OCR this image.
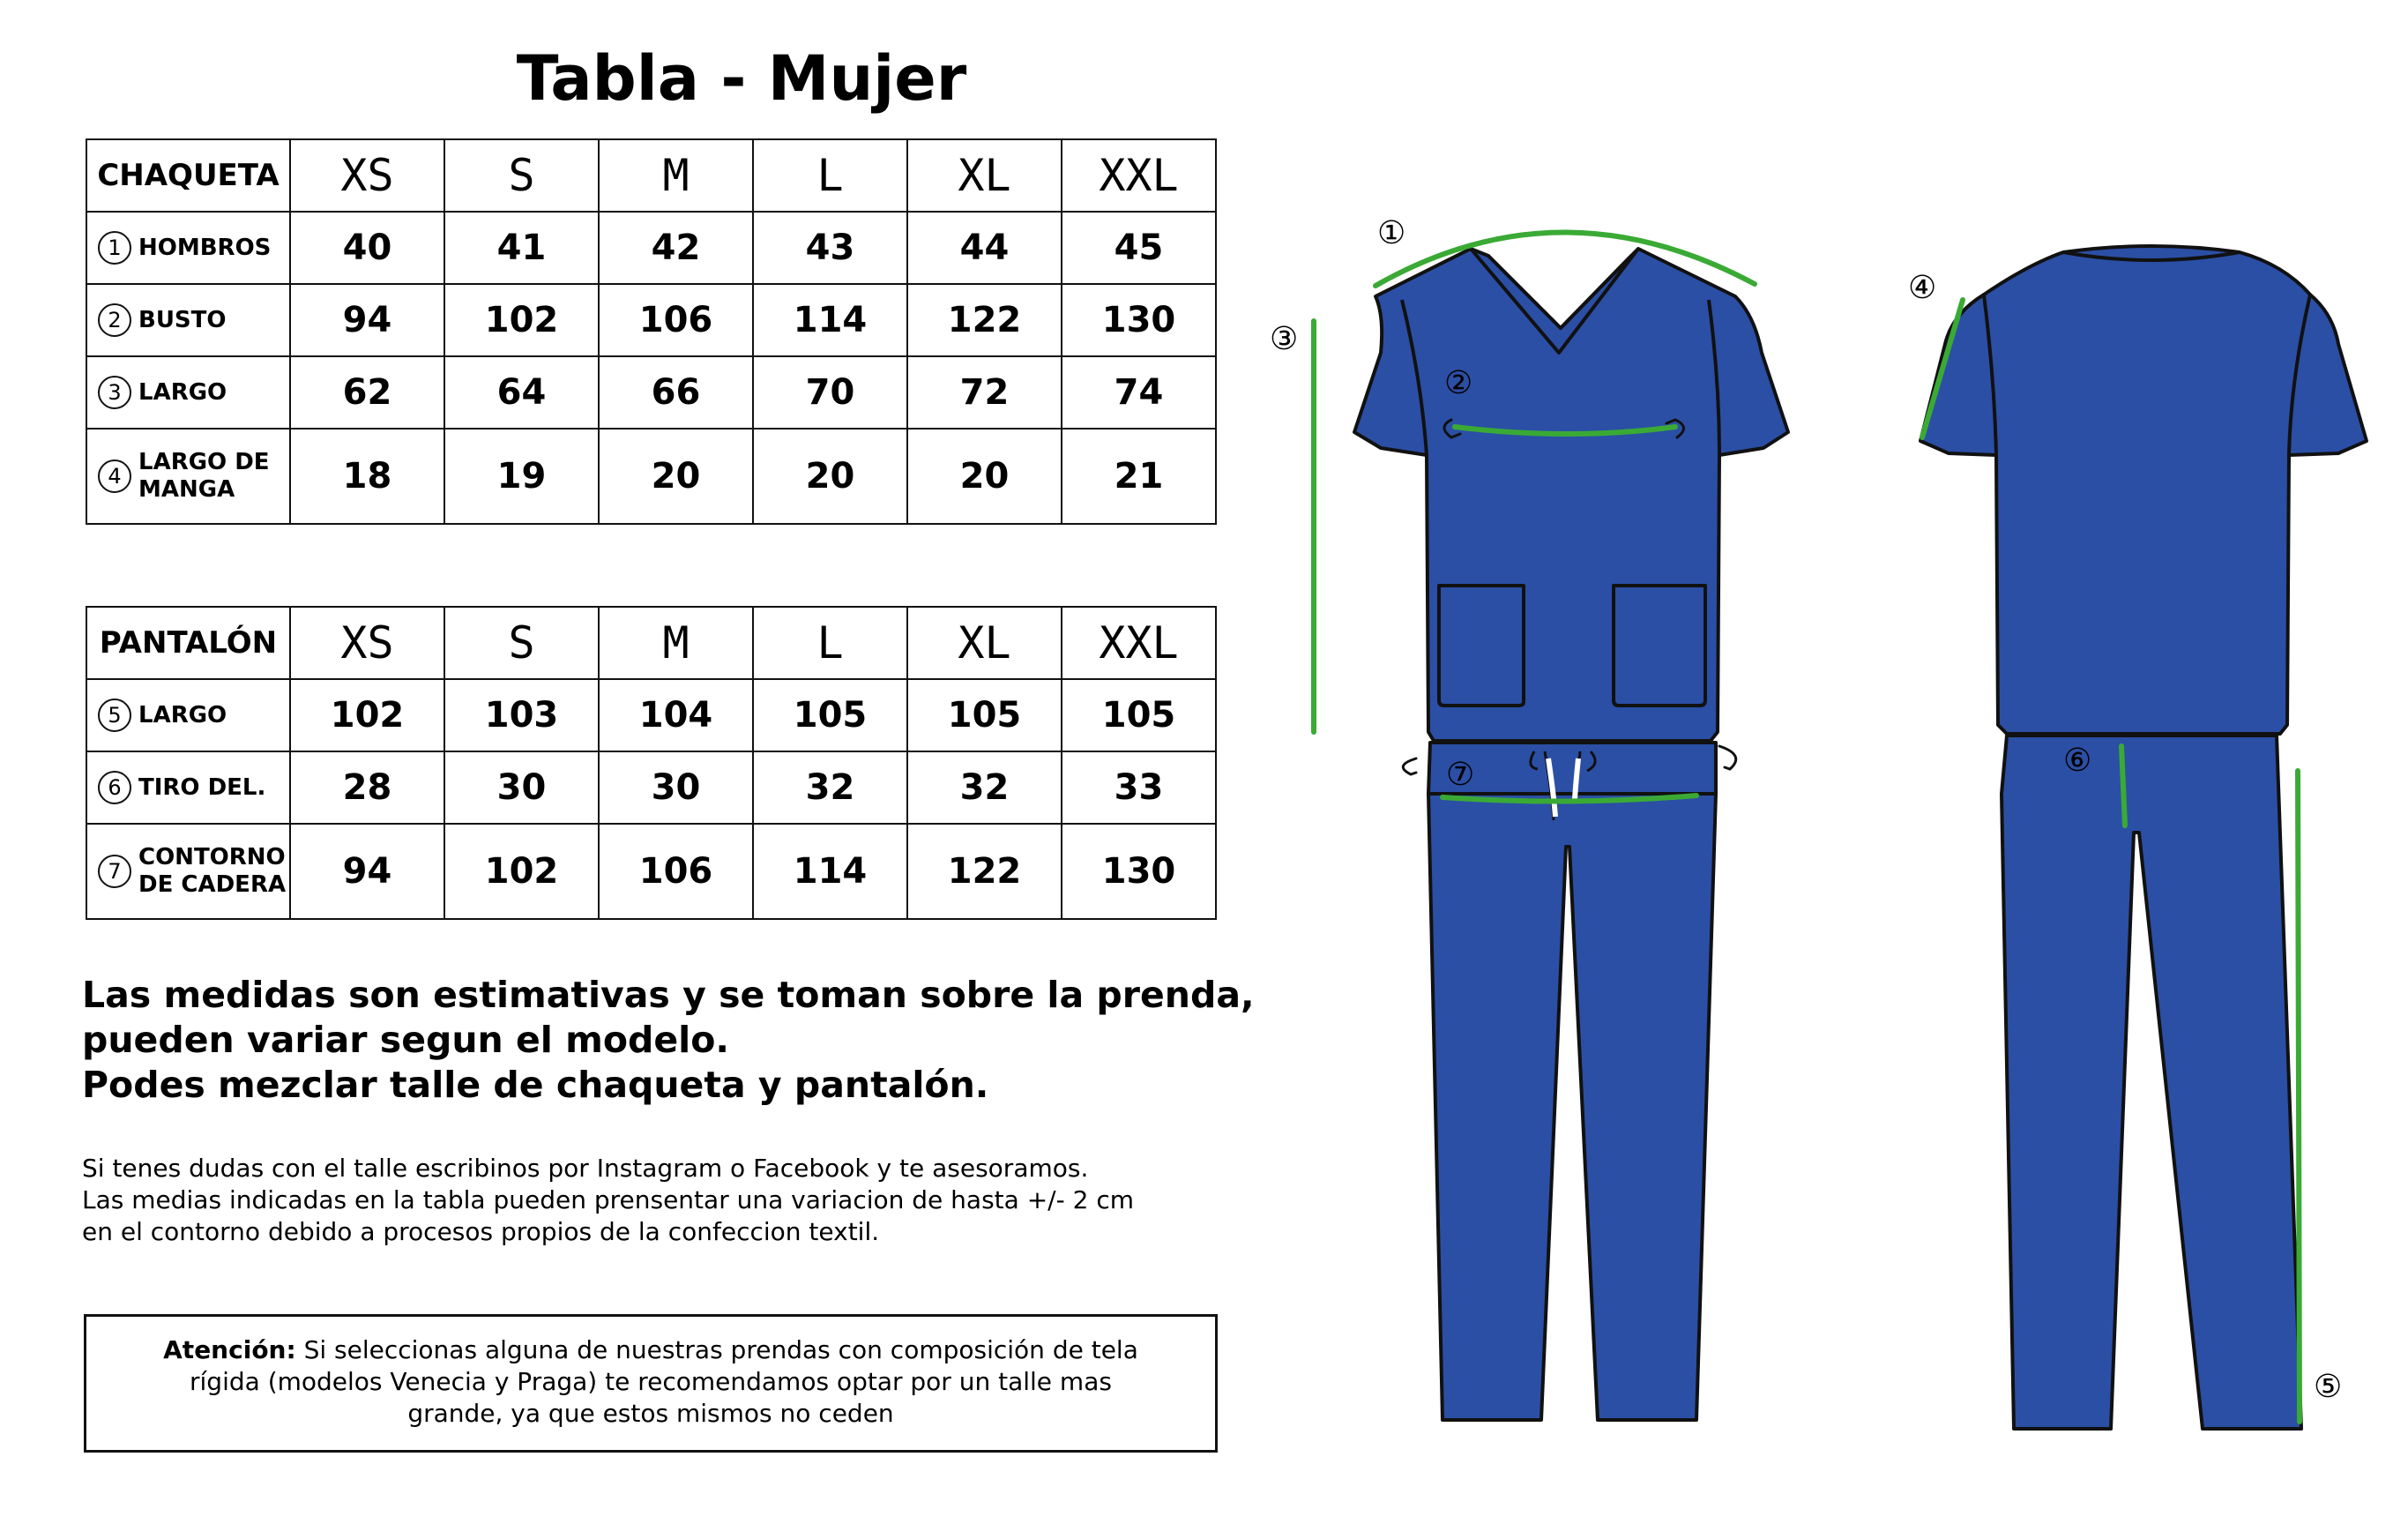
Tabla - Mujer
CHAQUETA	XS	S	M	L	XL	XXL
1 HOMBROS	40	41	42	43	44	45
2 BUSTO	94	102	106	114	122	130
3 LARGO	62	64	66	70	72	74
4LARGO DE
MANGA	18	19	20	20	20	21
PANTALÓN	XS	S	M	L	XL	XXL
5 LARGO	102	103	104	105	105	105
6 TIRO DEL.	28	30	30	32	32	33
7CONTORNO
DE CADERA	94	102	106	114	122	130
Las medidas son estimativas y se toman sobre la prenda,
pueden variar segun el modelo.
Podes mezclar talle de chaqueta y pantalón.
Si tenes dudas con el talle escribinos por Instagram o Facebook y te asesoramos.
Las medias indicadas en la tabla pueden prensentar una variacion de hasta +/- 2 cm
en el contorno debido a procesos propios de la confeccion textil.
Atención: Si seleccionas alguna de nuestras prendas con composición de tela
rígida (modelos Venecia y Praga) te recomendamos optar por un talle mas
grande, ya que estos mismos no ceden
①
②
③
④
⑤
⑥
⑦
